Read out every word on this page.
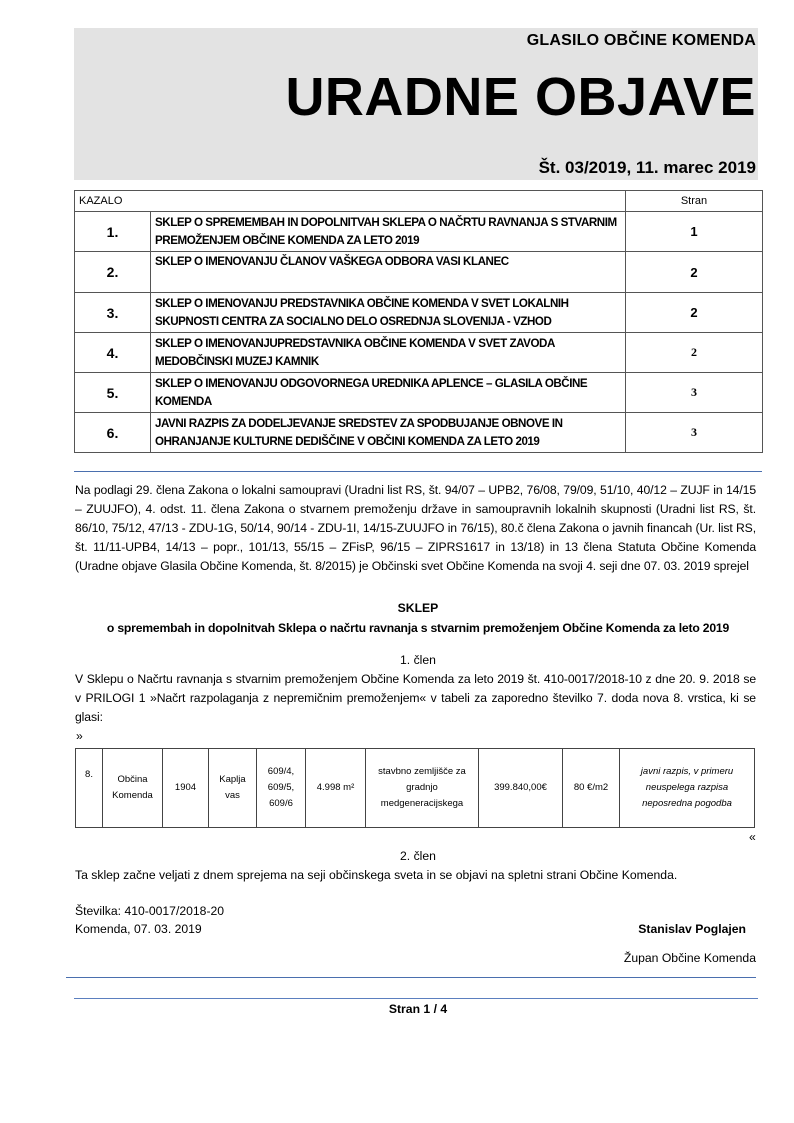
GLASILO OBČINE KOMENDA
URADNE OBJAVE
Št. 03/2019, 11. marec 2019
KAZALO		Stran
1.	SKLEP O SPREMEMBAH IN DOPOLNITVAH SKLEPA O NAČRTU RAVNANJA S STVARNIM PREMOŽENJEM OBČINE KOMENDA ZA LETO 2019	1
2.	SKLEP O IMENOVANJU ČLANOV VAŠKEGA ODBORA VASI KLANEC	2
3.	SKLEP O IMENOVANJU PREDSTAVNIKA OBČINE KOMENDA V SVET LOKALNIH SKUPNOSTI CENTRA ZA SOCIALNO DELO OSREDNJA SLOVENIJA - VZHOD	2
4.	SKLEP O IMENOVANJUPREDSTAVNIKA OBČINE KOMENDA V SVET ZAVODA MEDOBČINSKI MUZEJ KAMNIK	2
5.	SKLEP O IMENOVANJU ODGOVORNEGA UREDNIKA APLENCE – GLASILA OBČINE KOMENDA	3
6.	JAVNI RAZPIS ZA DODELJEVANJE SREDSTEV ZA SPODBUJANJE OBNOVE IN OHRANJANJE KULTURNE DEDIŠČINE V OBČINI KOMENDA ZA LETO 2019	3
Na podlagi 29. člena Zakona o lokalni samoupravi (Uradni list RS, št. 94/07 – UPB2, 76/08, 79/09, 51/10, 40/12 – ZUJF in 14/15 – ZUUJFO), 4. odst. 11. člena Zakona o stvarnem premoženju države in samoupravnih lokalnih skupnosti (Uradni list RS, št. 86/10, 75/12, 47/13 - ZDU-1G, 50/14, 90/14 - ZDU-1I, 14/15-ZUUJFO in 76/15), 80.č člena Zakona o javnih financah (Ur. list RS, št. 11/11-UPB4, 14/13 – popr., 101/13, 55/15 – ZFisP, 96/15 – ZIPRS1617 in 13/18) in 13 člena Statuta Občine Komenda (Uradne objave Glasila Občine Komenda, št. 8/2015) je Občinski svet Občine Komenda na svoji 4. seji dne 07. 03. 2019 sprejel
SKLEP
o spremembah in dopolnitvah Sklepa o načrtu ravnanja s stvarnim premoženjem Občine Komenda za leto 2019
1. člen
V Sklepu o Načrtu ravnanja s stvarnim premoženjem Občine Komenda za leto 2019 št. 410-0017/2018-10 z dne 20. 9. 2018 se v PRILOGI 1 »Načrt razpolaganja z nepremičnim premoženjem« v tabeli za zaporedno številko 7. doda nova 8. vrstica, ki se glasi:
»
8.	Občina Komenda	1904	Kaplja vas	609/4, 609/5, 609/6	4.998 m²	stavbno zemljišče za gradnjo medgeneracijskega	399.840,00€	80 €/m2	javni razpis, v primeru neuspelega razpisa neposredna pogodba
«
2. člen
Ta sklep začne veljati z dnem sprejema na seji občinskega sveta in se objavi na spletni strani Občine Komenda.
Številka: 410-0017/2018-20
Komenda, 07. 03. 2019	Stanislav Poglajen
Župan Občine Komenda
Stran 1 / 4
